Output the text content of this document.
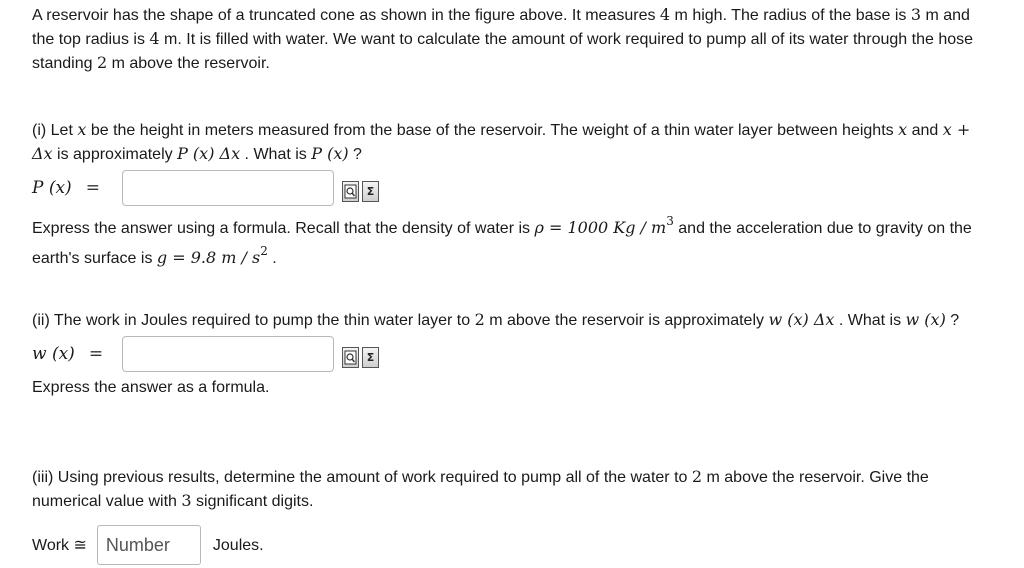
A reservoir has the shape of a truncated cone as shown in the figure above. It measures 4 m high. The radius of the base is 3 m and the top radius is 4 m. It is filled with water. We want to calculate the amount of work required to pump all of its water through the hose standing 2 m above the reservoir.
(i) Let x be the height in meters measured from the base of the reservoir. The weight of a thin water layer between heights x and x + Δx is approximately P (x) Δx . What is P (x) ?
P (x) =	Σ
Express the answer using a formula. Recall that the density of water is ρ = 1000 Kg / $m^3$ and the acceleration due to gravity on the earth's surface is g = 9.8 m / $s^2$ .
(ii) The work in Joules required to pump the thin water layer to 2 m above the reservoir is approximately w (x) Δx . What is w (x) ?
w (x) =	Σ
Express the answer as a formula.
(iii) Using previous results, determine the amount of work required to pump all of the water to 2 m above the reservoir. Give the numerical value with 3 significant digits.
Work ≅
Number	Joules.
